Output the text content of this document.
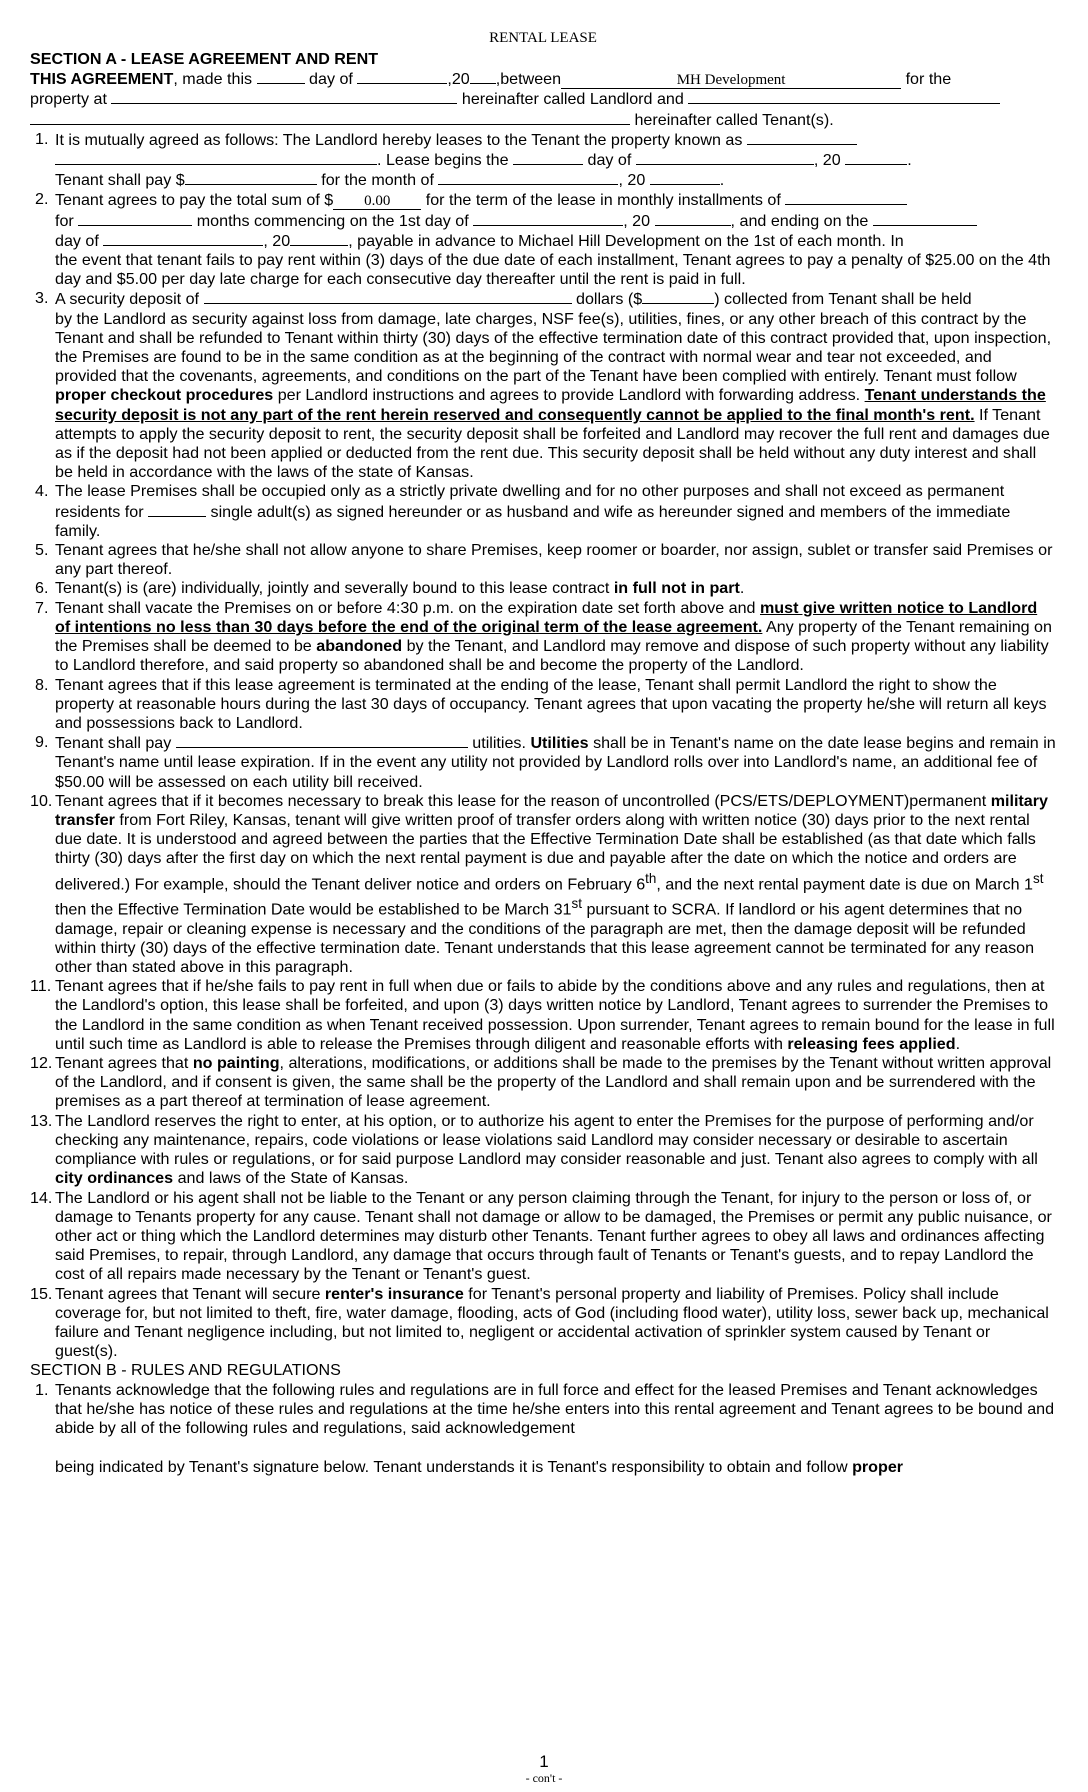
RENTAL LEASE
SECTION A - LEASE AGREEMENT AND RENT
THIS AGREEMENT, made this	day of	,20 ,between	MH Development	for the
property at	hereinafter called Landlord and
hereinafter called Tenant(s).
1. It is mutually agreed as follows: The Landlord hereby leases to the Tenant the property known as
. Lease begins the	day of	, 20	.
Tenant shall pay $	for the month of	, 20	.
2. Tenant agrees to pay the total sum of $ 0.00 for the term of the lease in monthly installments of
for	months commencing on the 1st day of	, 20	, and ending on the
day of	, 20	, payable in advance to Michael Hill Development on the 1st of each month. In
the event that tenant fails to pay rent within (3) days of the due date of each installment, Tenant agrees to pay a penalty of $25.00 on the 4th day and $5.00 per day late charge for each consecutive day thereafter until the rent is paid in full.
3. A security deposit of	dollars ($	) collected from Tenant shall be held
by the Landlord as security against loss from damage, late charges, NSF fee(s), utilities, fines, or any other breach of this contract by the Tenant and shall be refunded to Tenant within thirty (30) days of the effective termination date of this contract provided that, upon inspection, the Premises are found to be in the same condition as at the beginning of the contract with normal wear and tear not exceeded, and provided that the covenants, agreements, and conditions on the part of the Tenant have been complied with entirely. Tenant must follow proper checkout procedures per Landlord instructions and agrees to provide Landlord with forwarding address. Tenant understands the security deposit is not any part of the rent herein reserved and consequently cannot be applied to the final month's rent. If Tenant attempts to apply the security deposit to rent, the security deposit shall be forfeited and Landlord may recover the full rent and damages due as if the deposit had not been applied or deducted from the rent due. This security deposit shall be held without any duty interest and shall be held in accordance with the laws of the state of Kansas.
4. The lease Premises shall be occupied only as a strictly private dwelling and for no other purposes and shall not exceed as permanent residents for	single adult(s) as signed hereunder or as husband and wife as hereunder signed and members of the immediate family.
5. Tenant agrees that he/she shall not allow anyone to share Premises, keep roomer or boarder, nor assign, sublet or transfer said Premises or any part thereof.
6. Tenant(s) is (are) individually, jointly and severally bound to this lease contract in full not in part.
7. Tenant shall vacate the Premises on or before 4:30 p.m. on the expiration date set forth above and must give written notice to Landlord of intentions no less than 30 days before the end of the original term of the lease agreement. Any property of the Tenant remaining on the Premises shall be deemed to be abandoned by the Tenant, and Landlord may remove and dispose of such property without any liability to Landlord therefore, and said property so abandoned shall be and become the property of the Landlord.
8. Tenant agrees that if this lease agreement is terminated at the ending of the lease, Tenant shall permit Landlord the right to show the property at reasonable hours during the last 30 days of occupancy. Tenant agrees that upon vacating the property he/she will return all keys and possessions back to Landlord.
9. Tenant shall pay	utilities. Utilities shall be in Tenant's name on the date lease begins and remain in Tenant's name until lease expiration. If in the event any utility not provided by Landlord rolls over into Landlord's name, an additional fee of $50.00 will be assessed on each utility bill received.
10. Tenant agrees that if it becomes necessary to break this lease for the reason of uncontrolled (PCS/ETS/DEPLOYMENT)permanent military transfer from Fort Riley, Kansas, tenant will give written proof of transfer orders along with written notice (30) days prior to the next rental due date. It is understood and agreed between the parties that the Effective Termination Date shall be established (as that date which falls thirty (30) days after the first day on which the next rental payment is due and payable after the date on which the notice and orders are delivered.) For example, should the Tenant deliver notice and orders on February 6th, and the next rental payment date is due on March 1st then the Effective Termination Date would be established to be March 31st pursuant to SCRA. If landlord or his agent determines that no damage, repair or cleaning expense is necessary and the conditions of the paragraph are met, then the damage deposit will be refunded within thirty (30) days of the effective termination date. Tenant understands that this lease agreement cannot be terminated for any reason other than stated above in this paragraph.
11. Tenant agrees that if he/she fails to pay rent in full when due or fails to abide by the conditions above and any rules and regulations, then at the Landlord's option, this lease shall be forfeited, and upon (3) days written notice by Landlord, Tenant agrees to surrender the Premises to the Landlord in the same condition as when Tenant received possession. Upon surrender, Tenant agrees to remain bound for the lease in full until such time as Landlord is able to release the Premises through diligent and reasonable efforts with releasing fees applied.
12. Tenant agrees that no painting, alterations, modifications, or additions shall be made to the premises by the Tenant without written approval of the Landlord, and if consent is given, the same shall be the property of the Landlord and shall remain upon and be surrendered with the premises as a part thereof at termination of lease agreement.
13. The Landlord reserves the right to enter, at his option, or to authorize his agent to enter the Premises for the purpose of performing and/or checking any maintenance, repairs, code violations or lease violations said Landlord may consider necessary or desirable to ascertain compliance with rules or regulations, or for said purpose Landlord may consider reasonable and just. Tenant also agrees to comply with all city ordinances and laws of the State of Kansas.
14. The Landlord or his agent shall not be liable to the Tenant or any person claiming through the Tenant, for injury to the person or loss of, or damage to Tenants property for any cause. Tenant shall not damage or allow to be damaged, the Premises or permit any public nuisance, or other act or thing which the Landlord determines may disturb other Tenants. Tenant further agrees to obey all laws and ordinances affecting said Premises, to repair, through Landlord, any damage that occurs through fault of Tenants or Tenant's guests, and to repay Landlord the cost of all repairs made necessary by the Tenant or Tenant's guest.
15. Tenant agrees that Tenant will secure renter's insurance for Tenant's personal property and liability of Premises. Policy shall include coverage for, but not limited to theft, fire, water damage, flooding, acts of God (including flood water), utility loss, sewer back up, mechanical failure and Tenant negligence including, but not limited to, negligent or accidental activation of sprinkler system caused by Tenant or guest(s).
SECTION B - RULES AND REGULATIONS
1. Tenants acknowledge that the following rules and regulations are in full force and effect for the leased Premises and Tenant acknowledges that he/she has notice of these rules and regulations at the time he/she enters into this rental agreement and Tenant agrees to be bound and abide by all of the following rules and regulations, said acknowledgement
being indicated by Tenant's signature below. Tenant understands it is Tenant's responsibility to obtain and follow proper
1
- con't -
